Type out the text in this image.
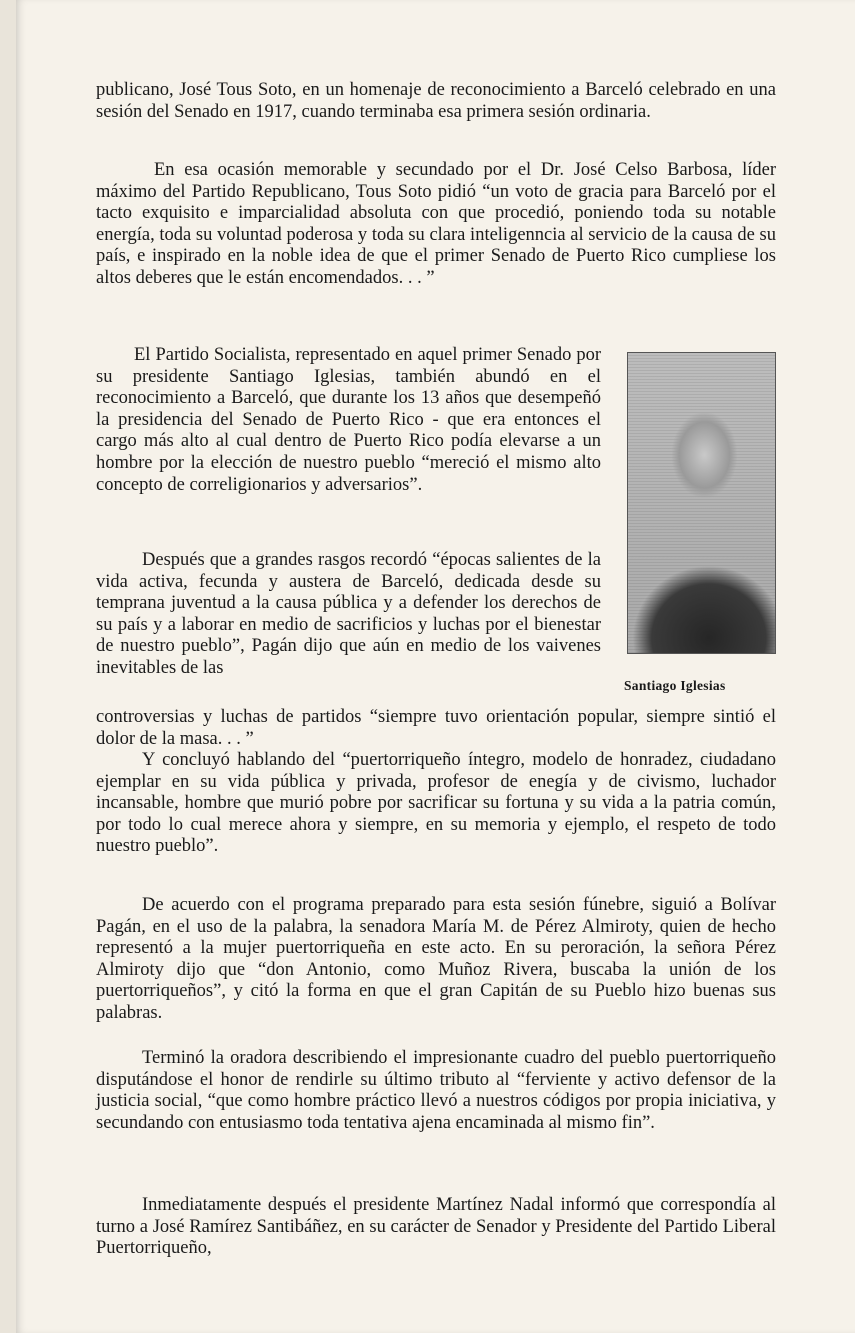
publicano, José Tous Soto, en un homenaje de reconocimiento a Barceló celebrado en una sesión del Senado en 1917, cuando terminaba esa primera sesión ordinaria.

En esa ocasión memorable y secundado por el Dr. José Celso Barbosa, líder máximo del Partido Republicano, Tous Soto pidió “un voto de gracia para Barceló por el tacto exquisito e imparcialidad absoluta con que procedió, poniendo toda su notable energía, toda su voluntad poderosa y toda su clara inteligennciа al servicio de la causa de su país, e inspirado en la noble idea de que el primer Senado de Puerto Rico cumpliese los altos deberes que le están encomendados. . . ”

El Partido Socialista, representado en aquel primer Senado por su presidente Santiago Iglesias, también abundó en el reconocimiento a Barceló, que durante los 13 años que desempeñó la presidencia del Senado de Puerto Rico - que era entonces el cargo más alto al cual dentro de Puerto Rico podía elevarse a un hombre por la elección de nuestro pueblo “mereció el mismo alto concepto de correligionarios y adversarios”.

Santiago Iglesias

Después que a grandes rasgos recordó “épocas salientes de la vida activa, fecunda y austera de Barceló, dedicada desde su temprana juventud a la causa pública y a defender los derechos de su país y a laborar en medio de sacrificios y luchas por el bienestar de nuestro pueblo”, Pagán dijo que aún en medio de los vaivenes inevitables de las

controversias y luchas de partidos “siempre tuvo orientación popular, siempre sintió el dolor de la masa. . . ”

Y concluyó hablando del “puertorriqueño íntegro, modelo de honradez, ciudadano ejemplar en su vida pública y privada, profesor de enegía y de civismo, luchador incansable, hombre que murió pobre por sacrificar su fortuna y su vida a la patria común, por todo lo cual merece ahora y siempre, en su memoria y ejemplo, el respeto de todo nuestro pueblo”.

De acuerdo con el programa preparado para esta sesión fúnebre, siguió a Bolívar Pagán, en el uso de la palabra, la senadora María M. de Pérez Almiroty, quien de hecho representó a la mujer puertorriqueña en este acto. En su peroración, la señora Pérez Almiroty dijo que “don Antonio, como Muñoz Rivera, buscaba la unión de los puertorriqueños”, y citó la forma en que el gran Capitán de su Pueblo hizo buenas sus palabras.

Terminó la oradora describiendo el impresionante cuadro del pueblo puertorriqueño disputándose el honor de rendirle su último tributo al “ferviente y activo defensor de la justicia social, “que como hombre práctico llevó a nuestros códigos por propia iniciativa, y secundando con entusiasmo toda tentativa ajena encaminada al mismo fin”.

Inmediatamente después el presidente Martínez Nadal informó que correspondía al turno a José Ramírez Santibáñez, en su carácter de Senador y Presidente del Partido Liberal Puertorriqueño,
